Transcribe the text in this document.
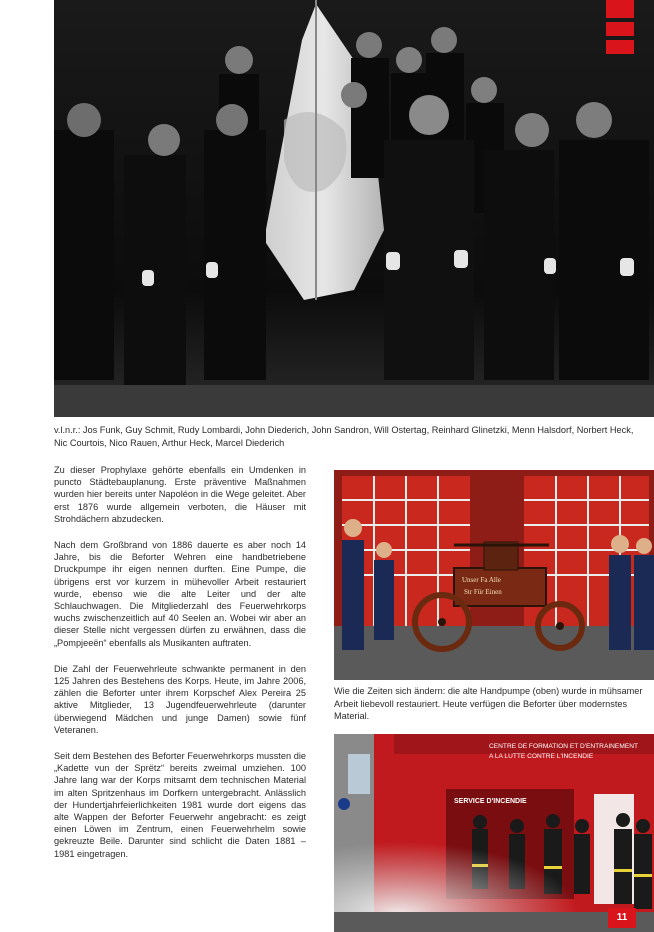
v.l.n.r.: Jos Funk, Guy Schmit, Rudy Lombardi, John Diederich, John Sandron, Will Ostertag, Reinhard Glinetzki, Menn Halsdorf, Norbert Heck, Nic Courtois, Nico Rauen, Arthur Heck, Marcel Diederich

Zu dieser Prophylaxe gehörte ebenfalls ein Umdenken in puncto Städtebauplanung. Erste präventive Maßnahmen wurden hier bereits unter Napoléon in die Wege geleitet. Aber erst 1876 wurde allgemein verboten, die Häuser mit Strohdächern abzudecken.

Nach dem Großbrand von 1886 dauerte es aber noch 14 Jahre, bis die Beforter Wehren eine handbetriebene Druckpumpe ihr eigen nennen durften. Eine Pumpe, die übrigens erst vor kurzem in mühevoller Arbeit restauriert wurde, ebenso wie die alte Leiter und der alte Schlauchwagen. Die Mitgliederzahl des Feuerwehrkorps wuchs zwischenzeitlich auf 40 Seelen an. Wobei wir aber an dieser Stelle nicht vergessen dürfen zu erwähnen, dass die „Pompjeeën“ ebenfalls als Musikanten auftraten.

Die Zahl der Feuerwehrleute schwankte permanent in den 125 Jahren des Bestehens des Korps. Heute, im Jahre 2006, zählen die Beforter unter ihrem Korpschef Alex Pereira 25 aktive Mitglieder, 13 Jugendfeuerwehrleute (darunter überwiegend Mädchen und junge Damen) sowie fünf Veteranen.

Seit dem Bestehen des Beforter Feuerwehrkorps mussten die „Kadette vun der Sprëtz“ bereits zweimal umziehen. 100 Jahre lang war der Korps mitsamt dem technischen Material im alten Spritzenhaus im Dorfkern untergebracht. Anlässlich der Hundertjahrfeierlichkeiten 1981 wurde dort eigens das alte Wappen der Beforter Feuerwehr angebracht: es zeigt einen Löwen im Zentrum, einen Feuerwehrhelm sowie gekreuzte Beile. Darunter sind schlicht die Daten 1881 – 1981 eingetragen.

Unser Fa Alle
Str Für Einen
Wie die Zeiten sich ändern: die alte Handpumpe (oben) wurde in mühsamer Arbeit liebevoll restauriert. Heute verfügen die Beforter über modernstes Material.
CENTRE DE FORMATION ET D'ENTRAINEMENT
A LA LUTTE CONTRE L'INCENDIE
SERVICE D'INCENDIE
11
